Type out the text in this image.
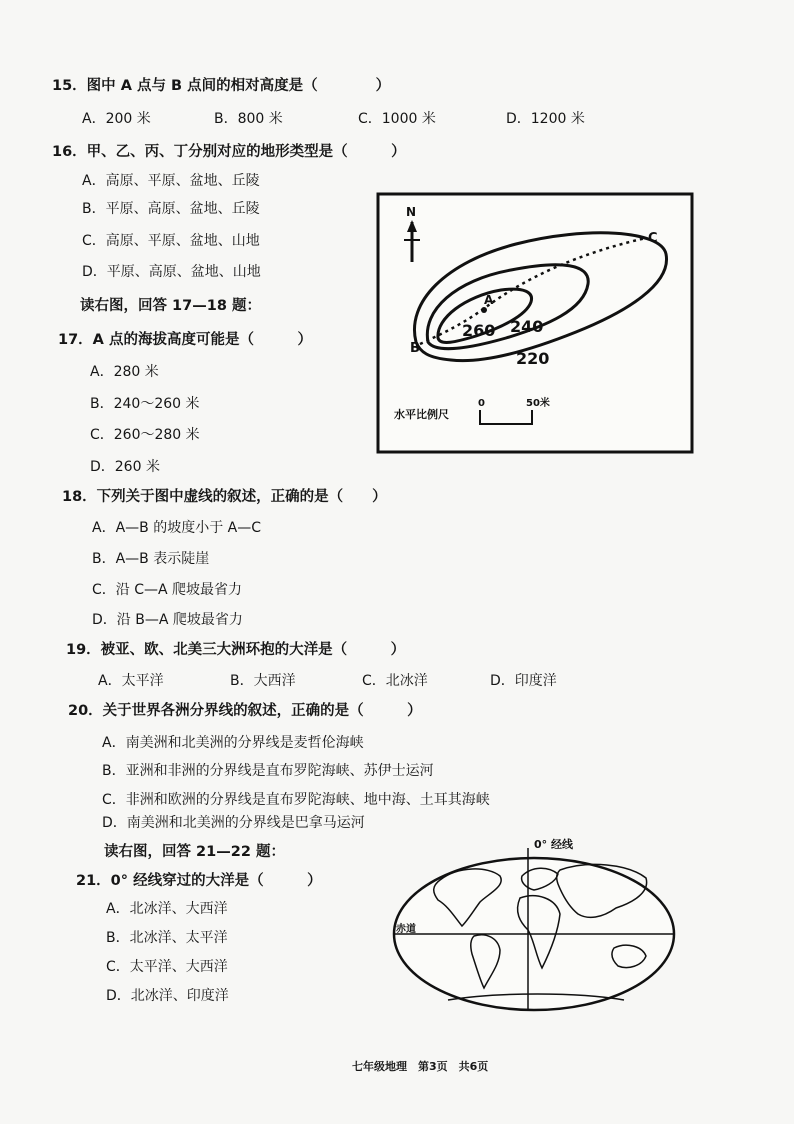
15．图中 A 点与 B 点间的相对高度是（　　　　）
A．200 米	B．800 米	C．1000 米	D．1200 米
16．甲、乙、丙、丁分别对应的地形类型是（　　　）
A．高原、平原、盆地、丘陵
B．平原、高原、盆地、丘陵
C．高原、平原、盆地、山地
D．平原、高原、盆地、山地
读右图，回答 17—18 题：
17．A 点的海拔高度可能是（　　　）
A．280 米
B．240～260 米
C．260～280 米
D．260 米
18．下列关于图中虚线的叙述，正确的是（　　）
A．A—B 的坡度小于 A—C
B．A—B 表示陡崖
C．沿 C—A 爬坡最省力
D．沿 B—A 爬坡最省力
19．被亚、欧、北美三大洲环抱的大洋是（　　　）
A．太平洋	B．大西洋	C．北冰洋	D．印度洋
20．关于世界各洲分界线的叙述，正确的是（　　　）
A．南美洲和北美洲的分界线是麦哲伦海峡
B．亚洲和非洲的分界线是直布罗陀海峡、苏伊士运河
C．非洲和欧洲的分界线是直布罗陀海峡、地中海、土耳其海峡
D．南美洲和北美洲的分界线是巴拿马运河
读右图，回答 21—22 题：
21．0° 经线穿过的大洋是（　　　）
A．北冰洋、大西洋
B．北冰洋、太平洋
C．太平洋、大西洋
D．北冰洋、印度洋
N
A
B
C
260 240
220
水平比例尺
0	50米
0° 经线
赤道
七年级地理　第3页　共6页
